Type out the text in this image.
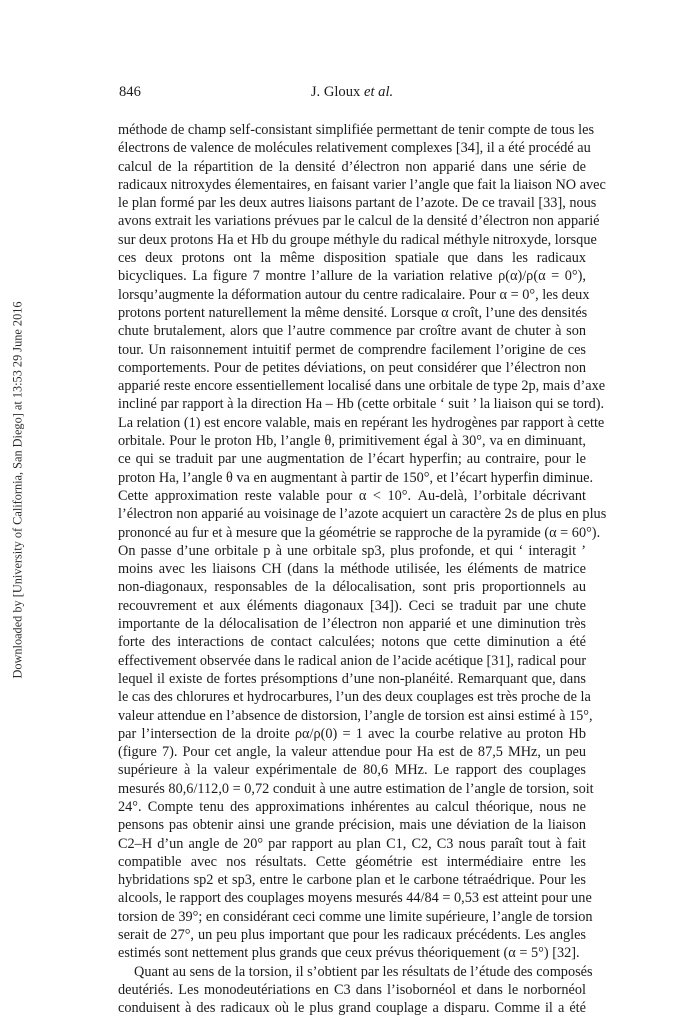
846	J. Gloux et al.
Downloaded by [University of California, San Diego] at 13:53 29 June 2016
méthode de champ self-consistant simplifiée permettant de tenir compte de tous les
électrons de valence de molécules relativement complexes [34], il a été procédé au
calcul de la répartition de la densité d’électron non apparié dans une série de
radicaux nitroxydes élementaires, en faisant varier l’angle que fait la liaison NO avec
le plan formé par les deux autres liaisons partant de l’azote. De ce travail [33], nous
avons extrait les variations prévues par le calcul de la densité d’électron non apparié
sur deux protons Ha et Hb du groupe méthyle du radical méthyle nitroxyde, lorsque
ces deux protons ont la même disposition spatiale que dans les radicaux
bicycliques. La figure 7 montre l’allure de la variation relative ρ(α)/ρ(α = 0°),
lorsqu’augmente la déformation autour du centre radicalaire. Pour α = 0°, les deux
protons portent naturellement la même densité. Lorsque α croît, l’une des densités
chute brutalement, alors que l’autre commence par croître avant de chuter à son
tour. Un raisonnement intuitif permet de comprendre facilement l’origine de ces
comportements. Pour de petites déviations, on peut considérer que l’électron non
apparié reste encore essentiellement localisé dans une orbitale de type 2p, mais d’axe
incliné par rapport à la direction Ha – Hb (cette orbitale ‘ suit ’ la liaison qui se tord).
La relation (1) est encore valable, mais en repérant les hydrogènes par rapport à cette
orbitale. Pour le proton Hb, l’angle θ, primitivement égal à 30°, va en diminuant,
ce qui se traduit par une augmentation de l’écart hyperfin; au contraire, pour le
proton Ha, l’angle θ va en augmentant à partir de 150°, et l’écart hyperfin diminue.
Cette approximation reste valable pour α < 10°. Au-delà, l’orbitale décrivant
l’électron non apparié au voisinage de l’azote acquiert un caractère 2s de plus en plus
prononcé au fur et à mesure que la géométrie se rapproche de la pyramide (α = 60°).
On passe d’une orbitale p à une orbitale sp3, plus profonde, et qui ‘ interagit ’
moins avec les liaisons CH (dans la méthode utilisée, les éléments de matrice
non-diagonaux, responsables de la délocalisation, sont pris proportionnels au
recouvrement et aux éléments diagonaux [34]). Ceci se traduit par une chute
importante de la délocalisation de l’électron non apparié et une diminution très
forte des interactions de contact calculées; notons que cette diminution a été
effectivement observée dans le radical anion de l’acide acétique [31], radical pour
lequel il existe de fortes présomptions d’une non-planéité. Remarquant que, dans
le cas des chlorures et hydrocarbures, l’un des deux couplages est très proche de la
valeur attendue en l’absence de distorsion, l’angle de torsion est ainsi estimé à 15°,
par l’intersection de la droite ρα/ρ(0) = 1 avec la courbe relative au proton Hb
(figure 7). Pour cet angle, la valeur attendue pour Ha est de 87,5 MHz, un peu
supérieure à la valeur expérimentale de 80,6 MHz. Le rapport des couplages
mesurés 80,6/112,0 = 0,72 conduit à une autre estimation de l’angle de torsion, soit
24°. Compte tenu des approximations inhérentes au calcul théorique, nous ne
pensons pas obtenir ainsi une grande précision, mais une déviation de la liaison
C2–H d’un angle de 20° par rapport au plan C1, C2, C3 nous paraît tout à fait
compatible avec nos résultats. Cette géométrie est intermédiaire entre les
hybridations sp2 et sp3, entre le carbone plan et le carbone tétraédrique. Pour les
alcools, le rapport des couplages moyens mesurés 44/84 = 0,53 est atteint pour une
torsion de 39°; en considérant ceci comme une limite supérieure, l’angle de torsion
serait de 27°, un peu plus important que pour les radicaux précédents. Les angles
estimés sont nettement plus grands que ceux prévus théoriquement (α = 5°) [32].
Quant au sens de la torsion, il s’obtient par les résultats de l’étude des composés
deutériés. Les monodeutériations en C3 dans l’isobornéol et dans le norbornéol
conduisent à des radicaux où le plus grand couplage a disparu. Comme il a été
